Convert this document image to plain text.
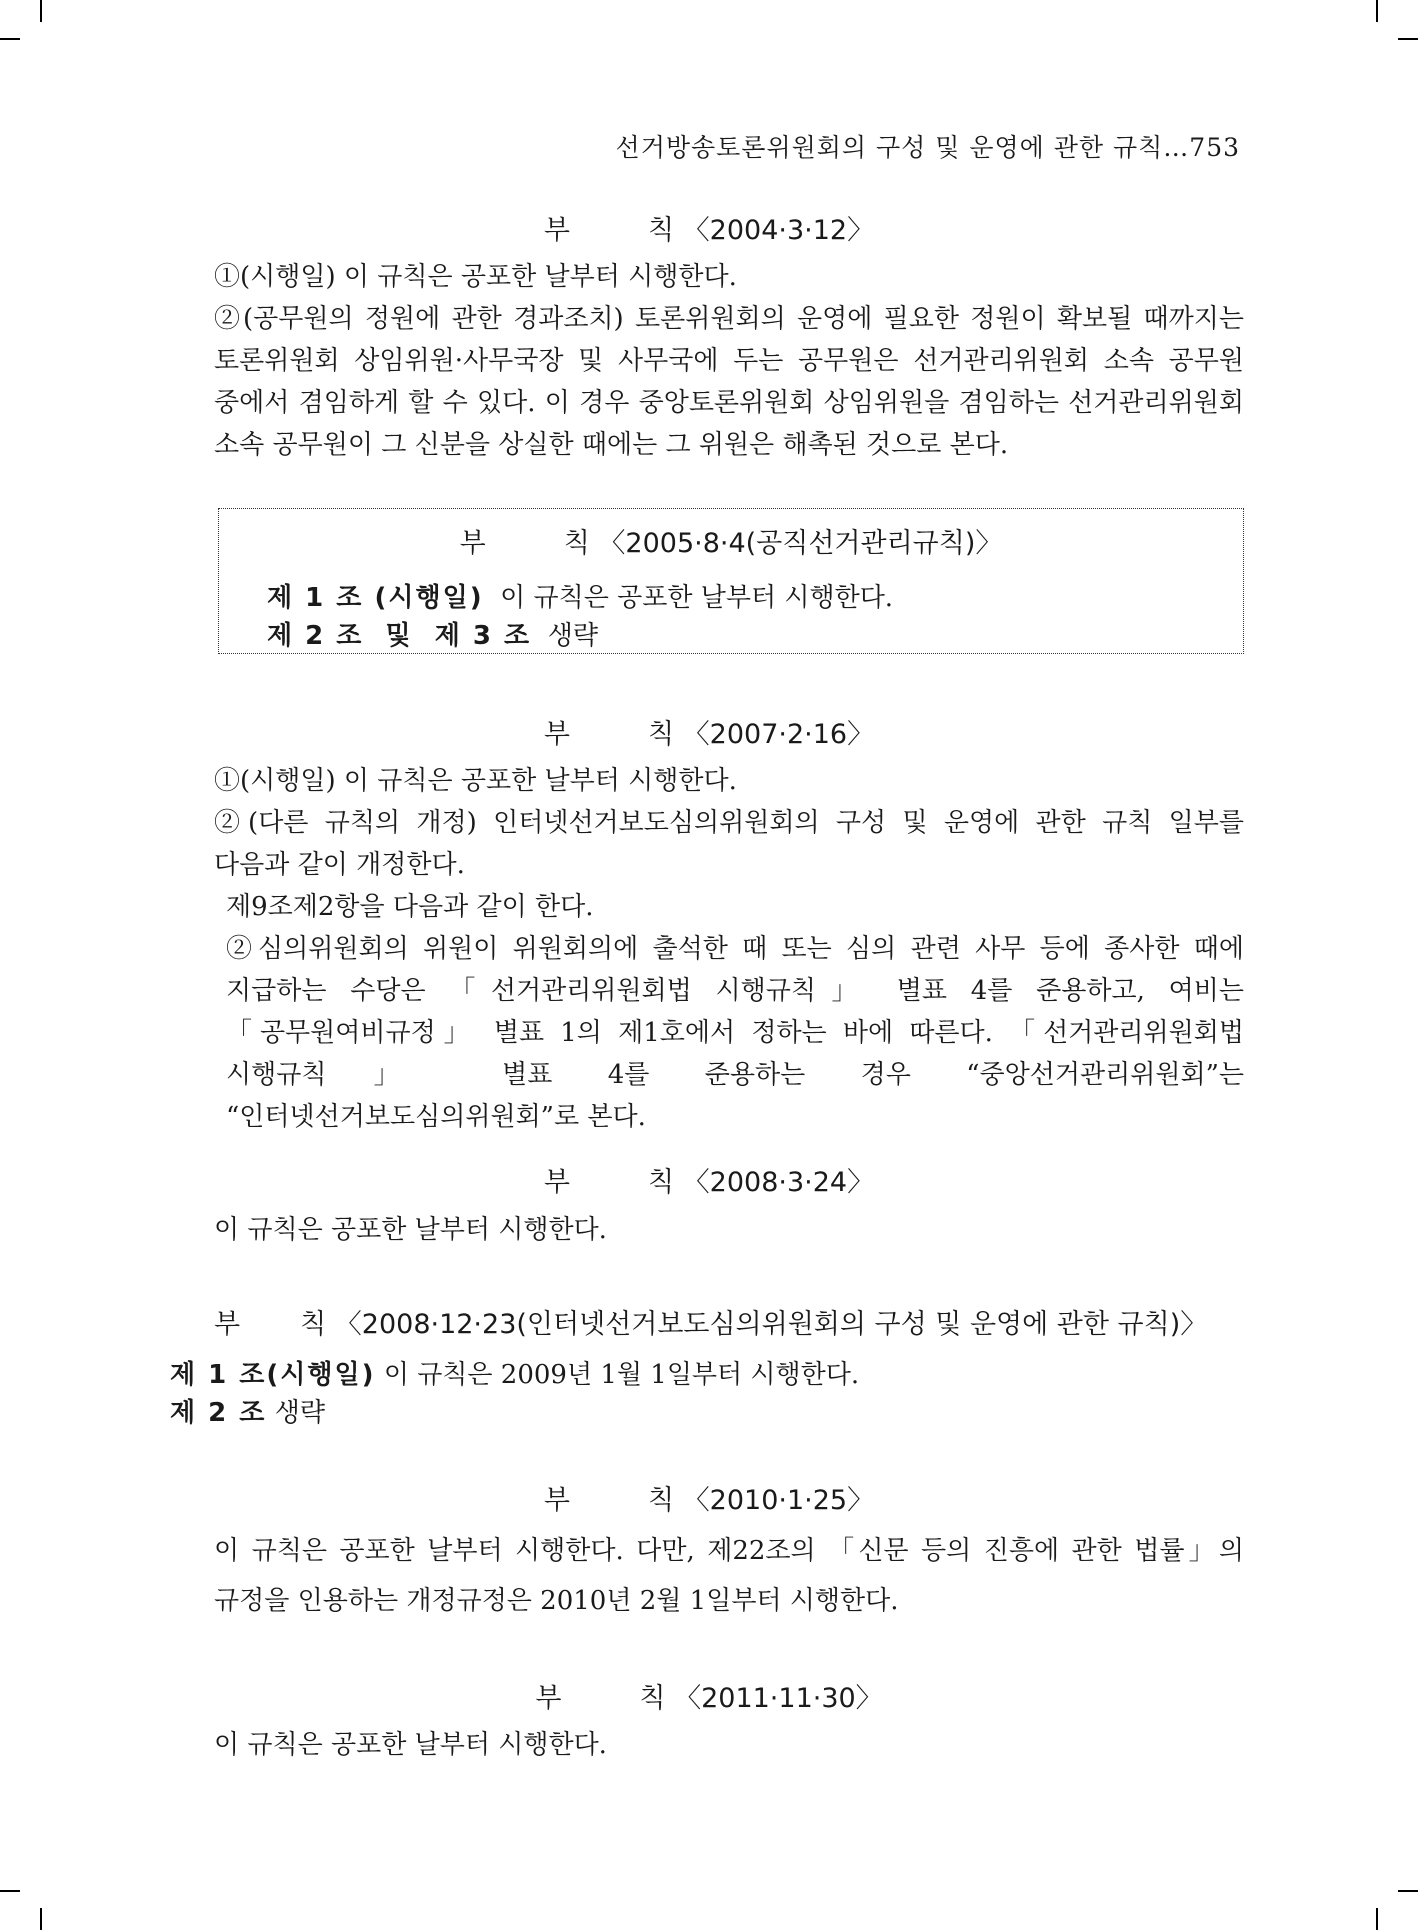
선거방송토론위원회의 구성 및 운영에 관한 규칙…753
부	칙 〈2004·3·12〉

①(시행일) 이 규칙은 공포한 날부터 시행한다.

②(공무원의 정원에 관한 경과조치) 토론위원회의 운영에 필요한 정원이 확보될 때까지는 토론위원회 상임위원·사무국장 및 사무국에 두는 공무원은 선거관리위원회 소속 공무원 중에서 겸임하게 할 수 있다. 이 경우 중앙토론위원회 상임위원을 겸임하는 선거관리위원회 소속 공무원이 그 신분을 상실한 때에는 그 위원은 해촉된 것으로 본다.

부	칙 〈2005·8·4(공직선거관리규칙)〉
제 1 조 (시행일) 이 규칙은 공포한 날부터 시행한다.
제 2 조  및  제 3 조 생략
부	칙 〈2007·2·16〉

①(시행일) 이 규칙은 공포한 날부터 시행한다.

②(다른 규칙의 개정) 인터넷선거보도심의위원회의 구성 및 운영에 관한 규칙 일부를 다음과 같이 개정한다.

제9조제2항을 다음과 같이 한다.

②심의위원회의 위원이 위원회의에 출석한 때 또는 심의 관련 사무 등에 종사한 때에 지급하는 수당은 「선거관리위원회법 시행규칙」 별표 4를 준용하고, 여비는 「공무원여비규정」 별표 1의 제1호에서 정하는 바에 따른다. 「선거관리위원회법 시행규칙」 별표 4를 준용하는 경우 “중앙선거관리위원회”는 “인터넷선거보도심의위원회”로 본다.

부	칙 〈2008·3·24〉

이 규칙은 공포한 날부터 시행한다.

부 칙 〈2008·12·23(인터넷선거보도심의위원회의 구성 및 운영에 관한 규칙)〉
제 1 조(시행일) 이 규칙은 2009년 1월 1일부터 시행한다.
제 2 조 생략
부	칙 〈2010·1·25〉

이 규칙은 공포한 날부터 시행한다. 다만, 제22조의 「신문 등의 진흥에 관한 법률」의 규정을 인용하는 개정규정은 2010년 2월 1일부터 시행한다.

부	칙 〈2011·11·30〉

이 규칙은 공포한 날부터 시행한다.
